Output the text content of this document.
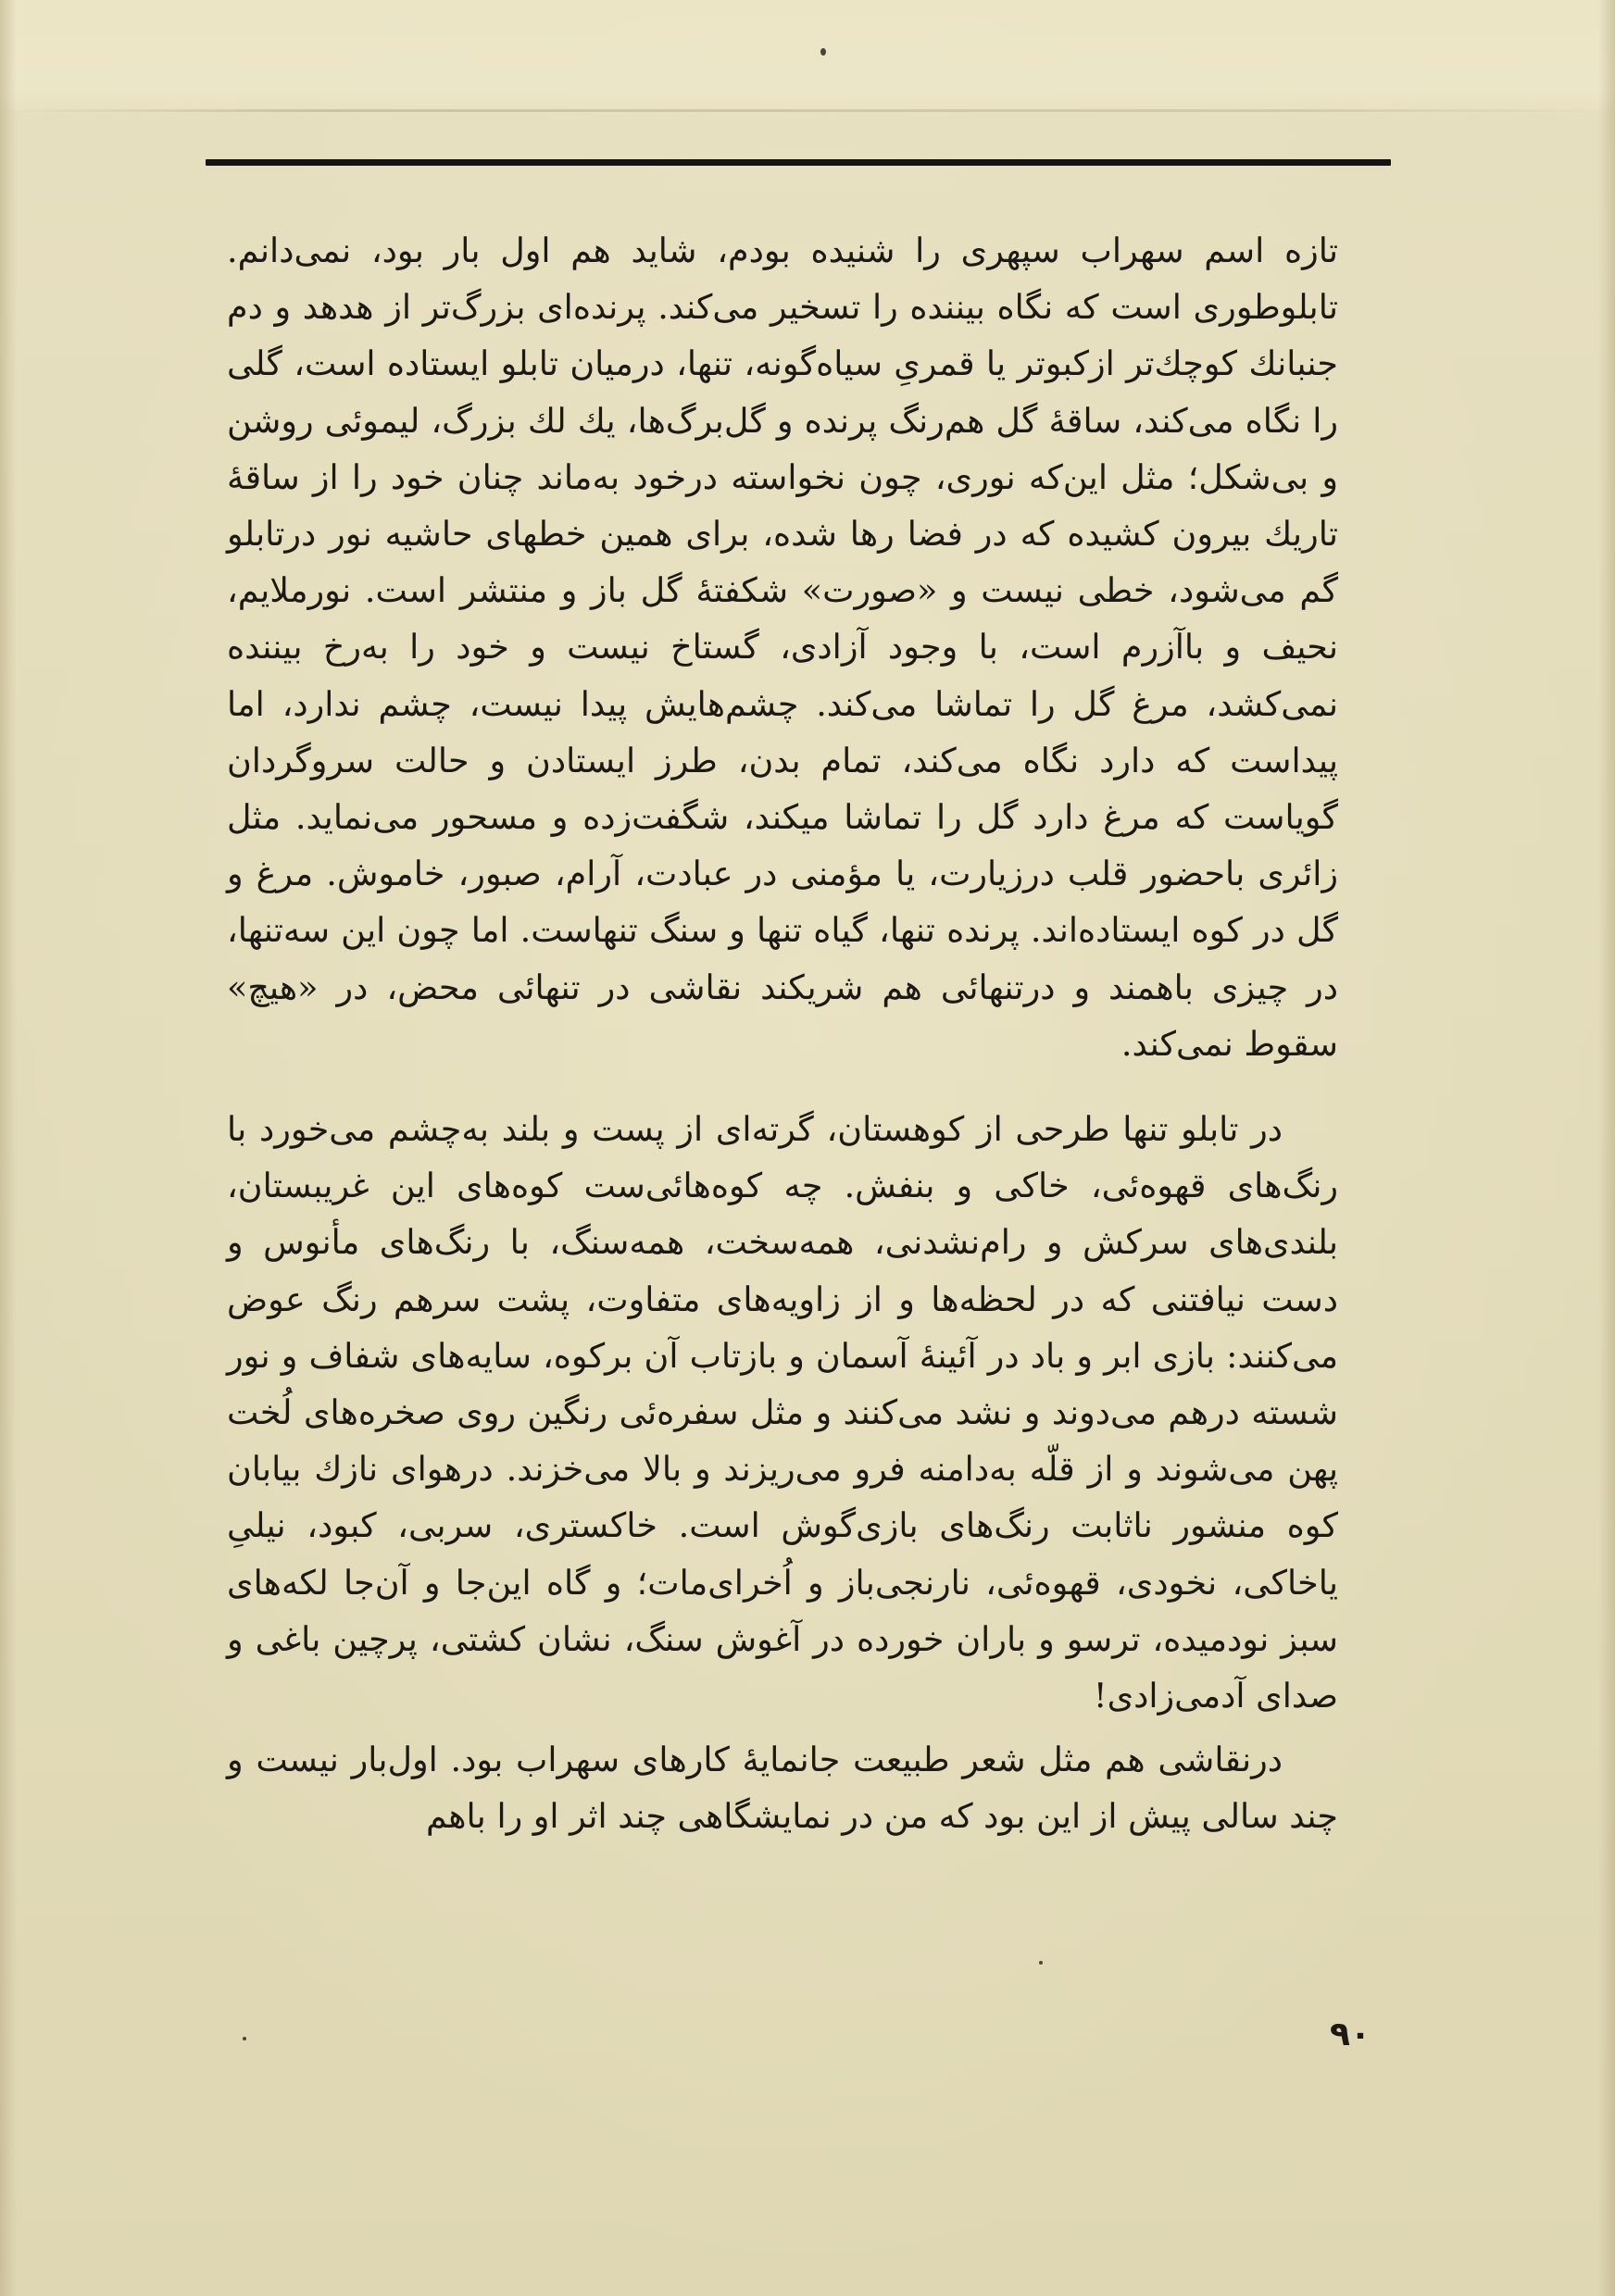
تازه اسم سهراب سپهری را شنیده بودم، شاید هم اول بار بود، نمی‌دانم. تابلوطوری است که نگاه بیننده را تسخیر می‌کند. پرنده‌ای بزرگ‌تر از هدهد و دم جنبانك کوچك‌تر ازکبوتر یا قمریِ سیاه‌گونه، تنها، درمیان تابلو ایستاده است، گلی را نگاه می‌کند، ساقهٔ گل هم‌رنگ پرنده و گل‌برگ‌ها، یك لك بزرگ، لیموئی روشن و بی‌شکل؛ مثل این‌که نوری، چون نخواسته درخود به‌ماند چنان خود را از ساقهٔ تاریك بیرون کشیده که در فضا رها شده، برای همین خطهای حاشیه نور درتابلو گم می‌شود، خطی نیست و «صورت» شکفتهٔ گل باز و منتشر است. نورملایم، نحیف و باآزرم است، با وجود آزادی، گستاخ نیست و خود را به‌رخ بیننده نمی‌کشد، مرغ گل را تماشا می‌کند. چشم‌هایش پیدا نیست، چشم ندارد، اما پیداست که دارد نگاه می‌کند، تمام بدن، طرز ایستادن و حالت سروگردان گویاست که مرغ دارد گل را تماشا میکند، شگفت‌زده و مسحور می‌نماید. مثل زائری باحضور قلب درزیارت، یا مؤمنی در عبادت، آرام، صبور، خاموش. مرغ و گل در کوه ایستاده‌اند. پرنده تنها، گیاه تنها و سنگ تنهاست. اما چون این سه‌تنها، در چیزی باهمند و درتنهائی هم شریکند نقاشی در تنهائی محض، در «هیچ» سقوط نمی‌کند.

در تابلو تنها طرحی از کوهستان، گرته‌ای از پست و بلند به‌چشم می‌خورد با رنگ‌های قهوه‌ئی، خاکی و بنفش. چه کوه‌هائی‌ست کوه‌های این غریبستان، بلندی‌های سرکش و رام‌نشدنی، همه‌سخت، همه‌سنگ، با رنگ‌های مأنوس و دست نیافتنی که در لحظه‌ها و از زاویه‌های متفاوت، پشت سرهم رنگ عوض می‌کنند: بازی ابر و باد در آئینهٔ آسمان و بازتاب آن برکوه، سایه‌های شفاف و نور شسته درهم می‌دوند و نشد می‌کنند و مثل سفره‌ئی رنگین روی صخره‌های لُخت پهن می‌شوند و از قلّه به‌دامنه فرو می‌ریزند و بالا می‌خزند. درهوای نازك بیابان کوه منشور ناثابت رنگ‌های بازی‌گوش است. خاکستری، سربی، کبود، نیلیِ یاخاکی، نخودی، قهوه‌ئی، نارنجی‌باز و اُخرای‌مات؛ و گاه این‌جا و آن‌جا لکه‌های سبز نودمیده، ترسو و باران خورده در آغوش سنگ، نشان کشتی، پرچین باغی و صدای آدمی‌زادی!

درنقاشی هم مثل شعر طبیعت جانمایهٔ کارهای سهراب بود. اول‌بار نیست و چند سالی پیش از این بود که من در نمایشگاهی چند اثر او را باهم

۹۰
